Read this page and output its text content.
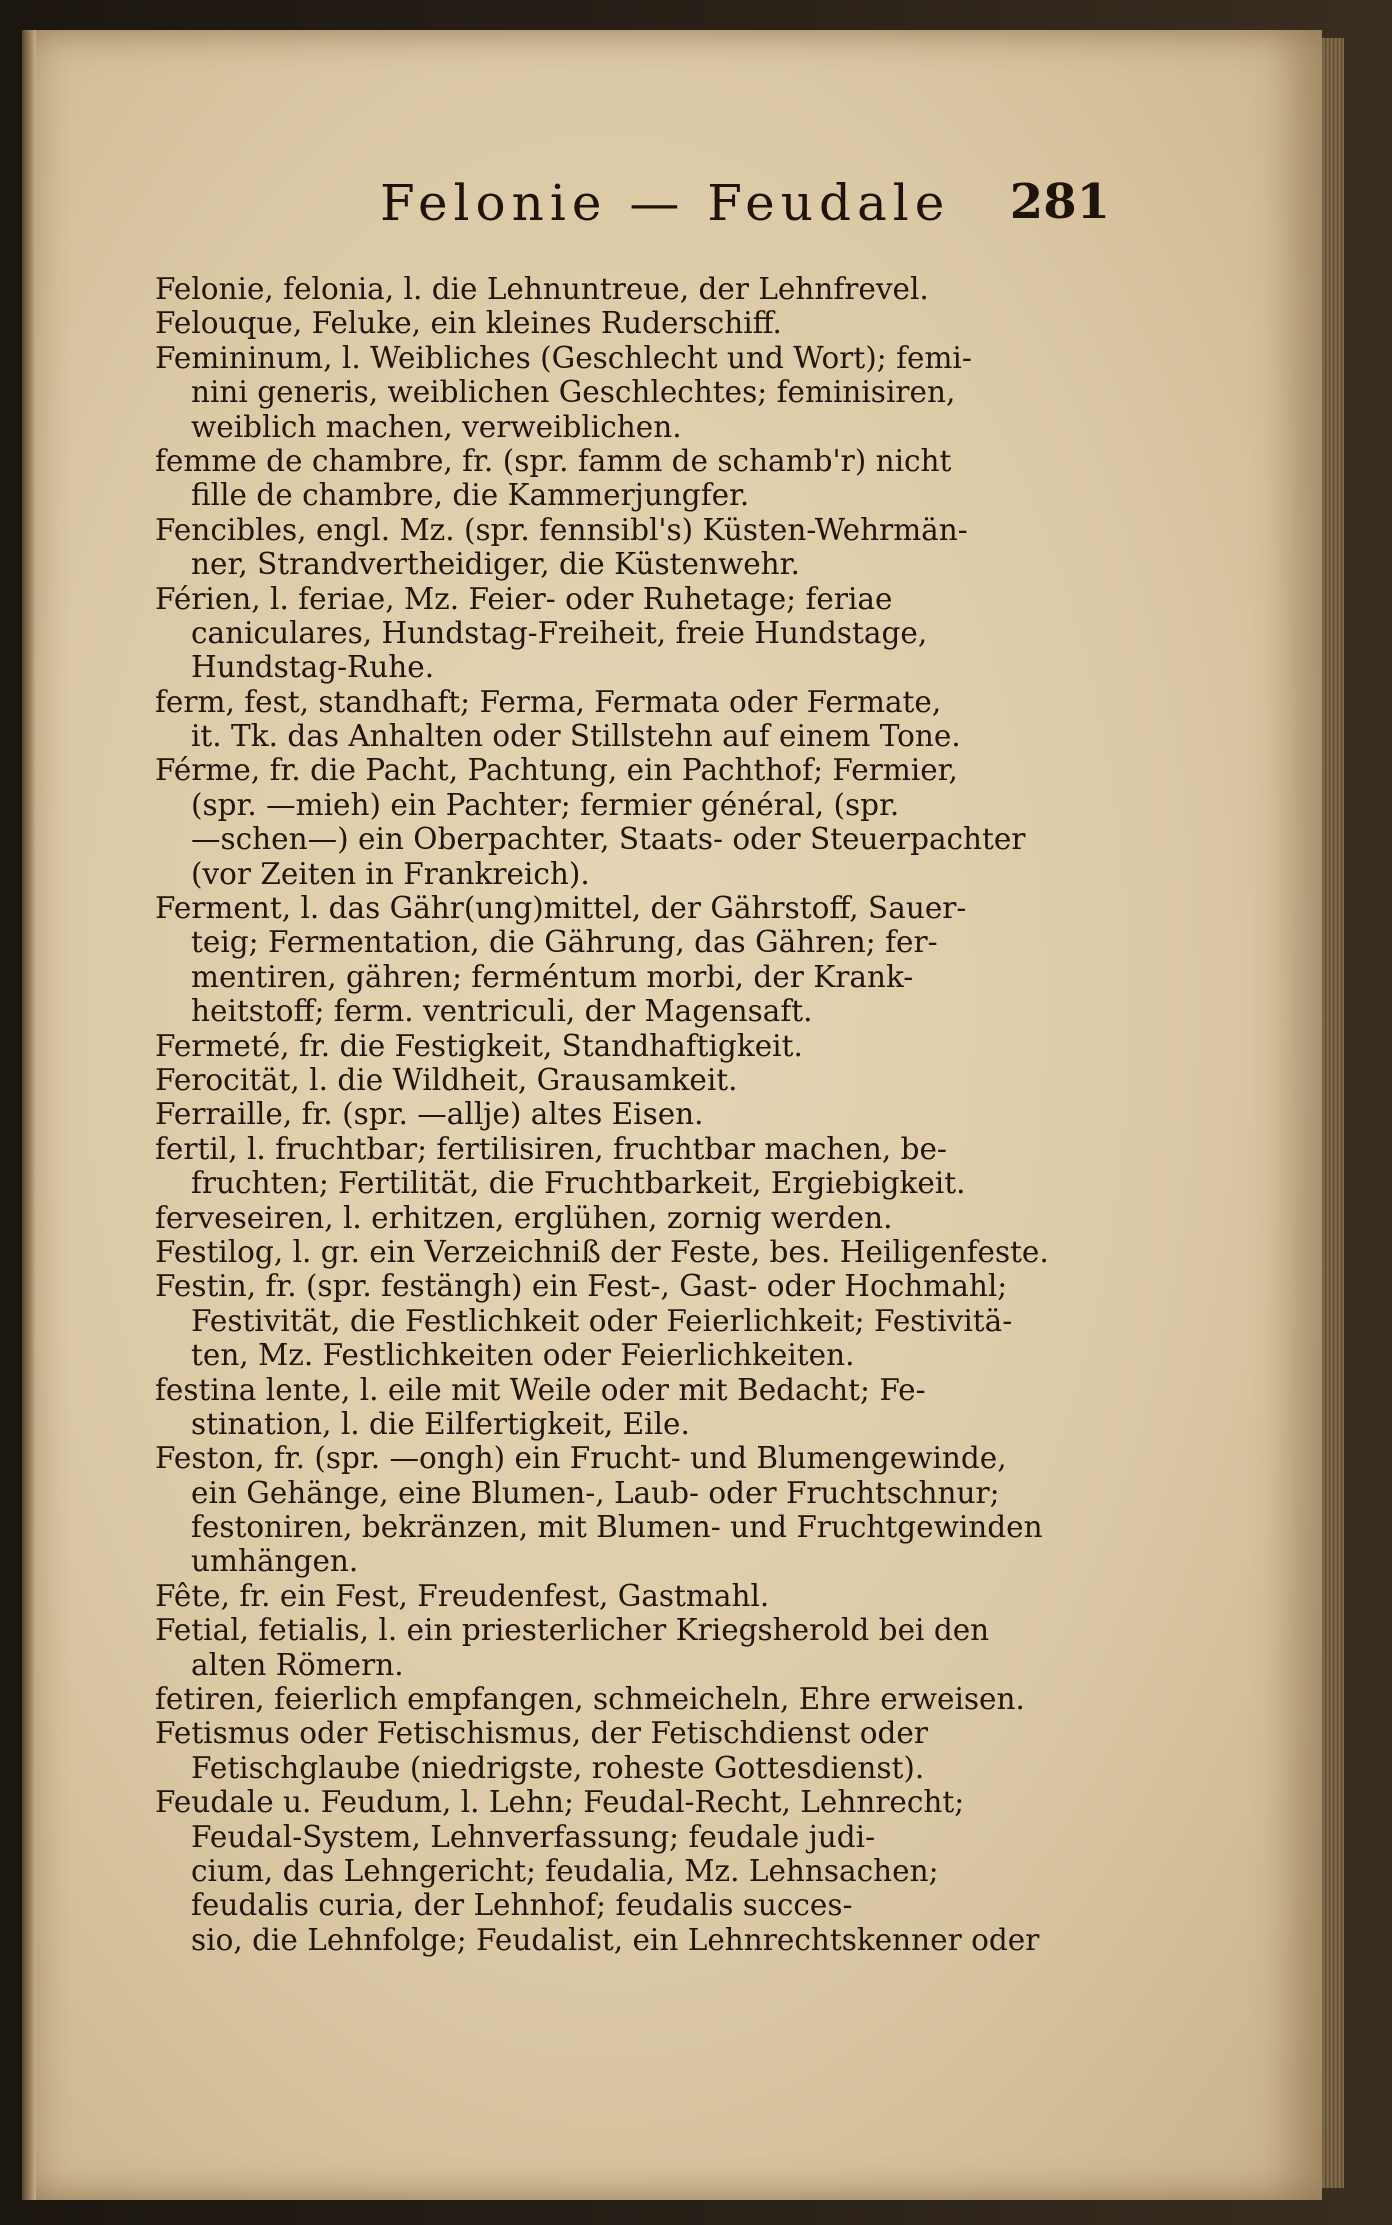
Felonie — Feudale 281
Felonie, felonia, l. die Lehnuntreue, der Lehnfrevel.
Felouque, Feluke, ein kleines Ruderschiff.
Femininum, l. Weibliches (Geschlecht und Wort); femi-
nini generis, weiblichen Geschlechtes; feminisiren,
weiblich machen, verweiblichen.
femme de chambre, fr. (spr. famm de schamb'r) nicht
fille de chambre, die Kammerjungfer.
Fencibles, engl. Mz. (spr. fennsibl's) Küsten-Wehrmän-
ner, Strandvertheidiger, die Küstenwehr.
Férien, l. feriae, Mz. Feier- oder Ruhetage; feriae
caniculares, Hundstag-Freiheit, freie Hundstage,
Hundstag-Ruhe.
ferm, fest, standhaft; Ferma, Fermata oder Fermate,
it. Tk. das Anhalten oder Stillstehn auf einem Tone.
Férme, fr. die Pacht, Pachtung, ein Pachthof; Fermier,
(spr. —mieh) ein Pachter; fermier général, (spr.
—schen—) ein Oberpachter, Staats- oder Steuerpachter
(vor Zeiten in Frankreich).
Ferment, l. das Gähr(ung)mittel, der Gährstoff, Sauer-
teig; Fermentation, die Gährung, das Gähren; fer-
mentiren, gähren; ferméntum morbi, der Krank-
heitstoff; ferm. ventriculi, der Magensaft.
Fermeté, fr. die Festigkeit, Standhaftigkeit.
Ferocität, l. die Wildheit, Grausamkeit.
Ferraille, fr. (spr. —allje) altes Eisen.
fertil, l. fruchtbar; fertilisiren, fruchtbar machen, be-
fruchten; Fertilität, die Fruchtbarkeit, Ergiebigkeit.
ferveseiren, l. erhitzen, erglühen, zornig werden.
Festilog, l. gr. ein Verzeichniß der Feste, bes. Heiligenfeste.
Festin, fr. (spr. festängh) ein Fest-, Gast- oder Hochmahl;
Festivität, die Festlichkeit oder Feierlichkeit; Festivitä-
ten, Mz. Festlichkeiten oder Feierlichkeiten.
festina lente, l. eile mit Weile oder mit Bedacht; Fe-
stination, l. die Eilfertigkeit, Eile.
Feston, fr. (spr. —ongh) ein Frucht- und Blumengewinde,
ein Gehänge, eine Blumen-, Laub- oder Fruchtschnur;
festoniren, bekränzen, mit Blumen- und Fruchtgewinden
umhängen.
Fête, fr. ein Fest, Freudenfest, Gastmahl.
Fetial, fetialis, l. ein priesterlicher Kriegsherold bei den
alten Römern.
fetiren, feierlich empfangen, schmeicheln, Ehre erweisen.
Fetismus oder Fetischismus, der Fetischdienst oder
Fetischglaube (niedrigste, roheste Gottesdienst).
Feudale u. Feudum, l. Lehn; Feudal-Recht, Lehnrecht;
Feudal-System, Lehnverfassung; feudale judi-
cium, das Lehngericht; feudalia, Mz. Lehnsachen;
feudalis curia, der Lehnhof; feudalis succes-
sio, die Lehnfolge; Feudalist, ein Lehnrechtskenner oder
